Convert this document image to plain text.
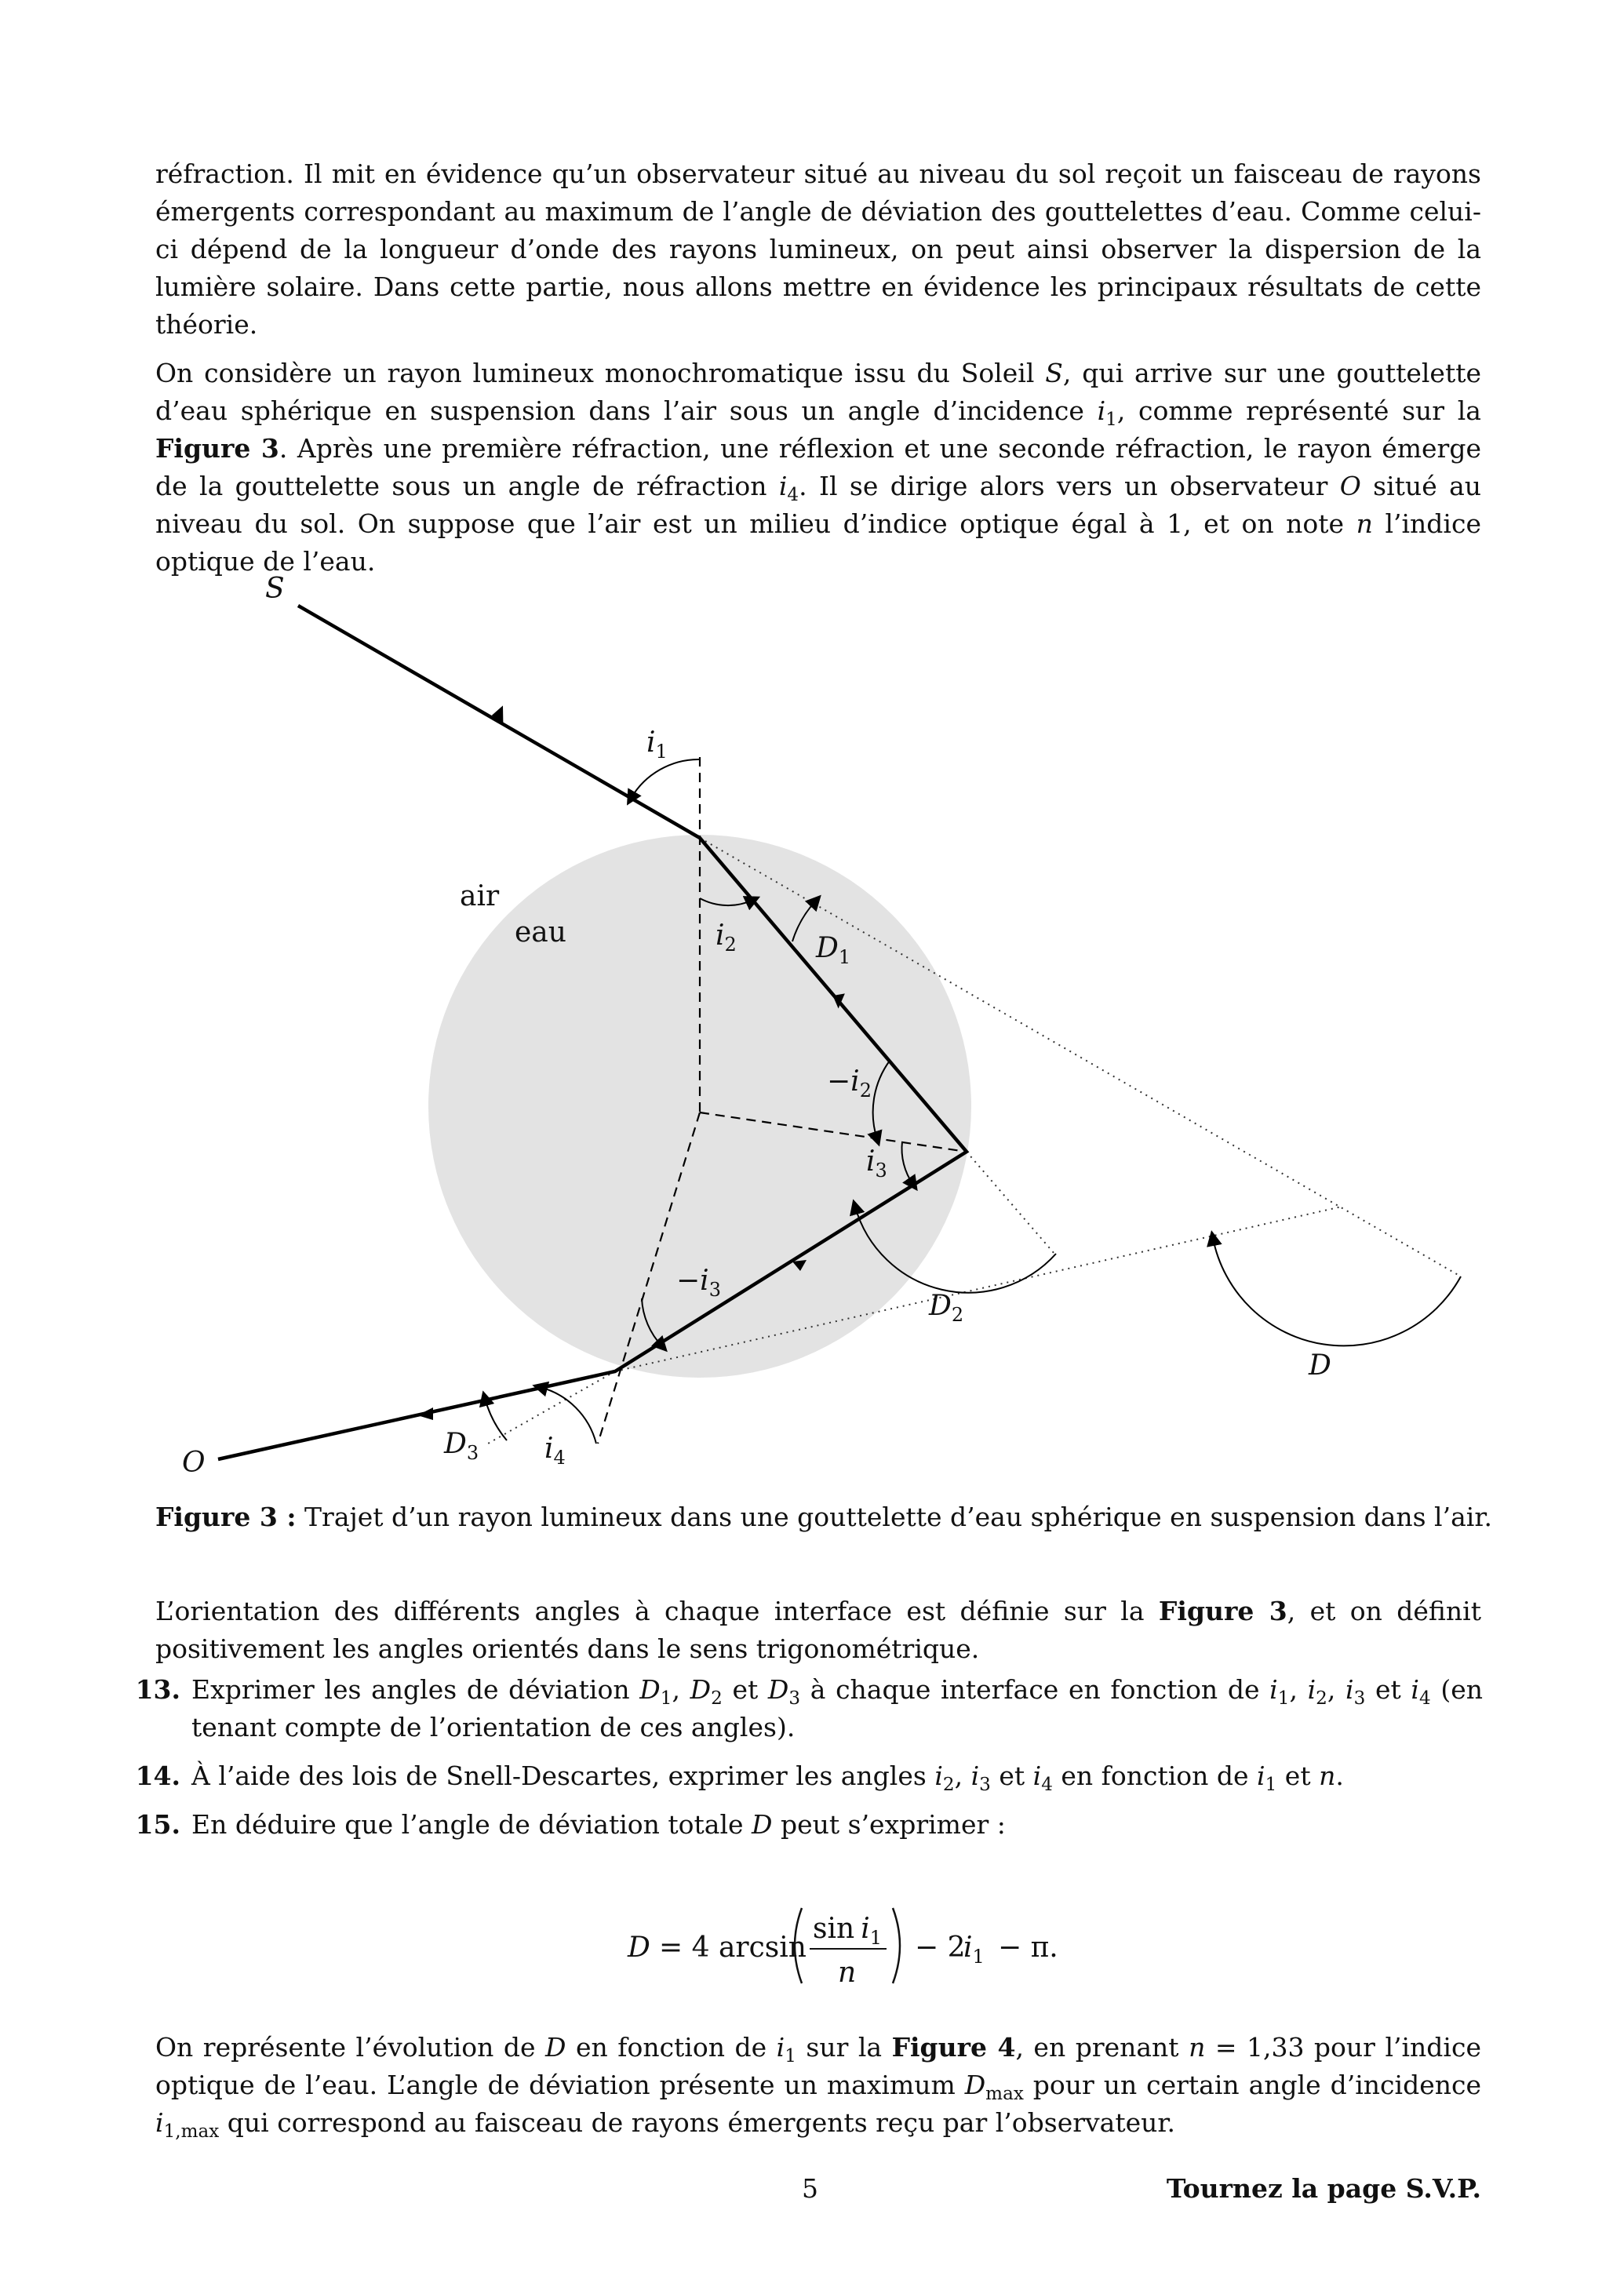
réfraction. Il mit en évidence qu’un observateur situé au niveau du sol reçoit un faisceau de rayons émergents correspondant au maximum de l’angle de déviation des gouttelettes d’eau. Comme celui-ci dépend de la longueur d’onde des rayons lumineux, on peut ainsi observer la dispersion de la lumière solaire. Dans cette partie, nous allons mettre en évidence les principaux résultats de cette théorie.

On considère un rayon lumineux monochromatique issu du Soleil S, qui arrive sur une gouttelette d’eau sphérique en suspension dans l’air sous un angle d’incidence $i_1$, comme représenté sur la Figure 3. Après une première réfraction, une réflexion et une seconde réfraction, le rayon émerge de la gouttelette sous un angle de réfraction $i_4$. Il se dirige alors vers un observateur O situé au niveau du sol. On suppose que l’air est un milieu d’indice optique égal à 1, et on note n l’indice optique de l’eau.

S
O
air
eau
$i_1$
$i_2$	$D_1$
$-i_2$
$i_3$
$-i_3$	$D_2$
D
$D_3$ $i_4$
Figure 3 : Trajet d’un rayon lumineux dans une gouttelette d’eau sphérique en suspension dans l’air.

L’orientation des différents angles à chaque interface est définie sur la Figure 3, et on définit positivement les angles orientés dans le sens trigonométrique.

13. Exprimer les angles de déviation $D_1$, $D_2$ et $D_3$ à chaque interface en fonction de $i_1$, $i_2$, $i_3$ et $i_4$ (en tenant compte de l’orientation de ces angles).
14. À l’aide des lois de Snell-Descartes, exprimer les angles $i_2$, $i_3$ et $i_4$ en fonction de $i_1$ et n.
15. En déduire que l’angle de déviation totale D peut s’exprimer :
D = 4 arcsin
$\sin i_1$
n
− 2
$i_1 - \pi$.

On représente l’évolution de D en fonction de $i_1$ sur la Figure 4, en prenant n = 1,33 pour l’indice optique de l’eau. L’angle de déviation présente un maximum $D_{max}$ pour un certain angle d’incidence $i_{1,max}$ qui correspond au faisceau de rayons émergents reçu par l’observateur.

5	Tournez la page S.V.P.
